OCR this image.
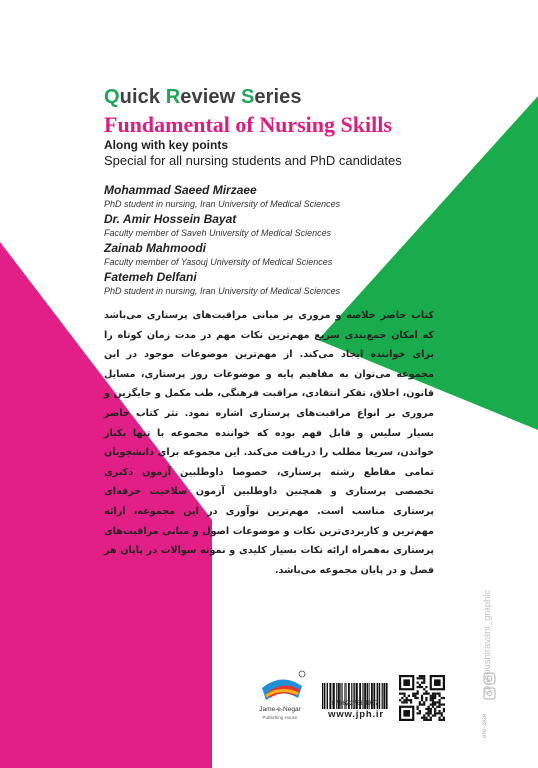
Quick Review Series
Fundamental of Nursing Skills
Along with key points
Special for all nursing students and PhD candidates
Mohammad Saeed Mirzaee
PhD student in nursing, Iran University of Medical Sciences
Dr. Amir Hossein Bayat
Faculty member of Saveh University of Medical Sciences
Zainab Mahmoodi
Faculty member of Yasouj University of Medical Sciences
Fatemeh Delfani
PhD student in nursing, Iran University of Medical Sciences
کتاب حاضر خلاصه و مروری بر مبانی مراقبت‌های پرستاری می‌باشد که امکان جمع‌بندی سریع مهم‌ترین نکات مهم در مدت زمان کوتاه را برای خواننده ایجاد می‌کند. از مهم‌ترین موضوعات موجود در این مجموعه می‌توان به مفاهیم پایه و موضوعات روز پرستاری، مسایل قانون، اخلاق، تفکر انتقادی، مراقبت فرهنگی، طب مکمل و جایگزین و مروری بر انواع مراقبت‌های پرستاری اشاره نمود. نثر کتاب حاضر بسیار سلیس و قابل فهم بوده که خواننده مجموعه با تنها یکبار خواندن، سریعا مطلب را دریافت می‌کند. این مجموعه برای دانشجویان تمامی مقاطع رشته پرستاری، خصوصا داوطلبین آزمون دکتری تخصصی پرستاری و همچنین داوطلبین آزمون صلاحیت حرفه‌ای پرستاری مناسب است. مهم‌ترین نوآوری در این مجموعه، ارائه مهم‌ترین و کاربردی‌ترین نکات و موضوعات اصول و مبانی مراقبت‌های پرستاری به‌همراه ارائه نکات بسیار کلیدی و نمونه سوالات در پایان هر فصل و در پایان مجموعه می‌باشد.
@anoushiravani_graphic
079-2020
Jame-e-Negar
Publishing House
9786227684957
www.jph.ir
